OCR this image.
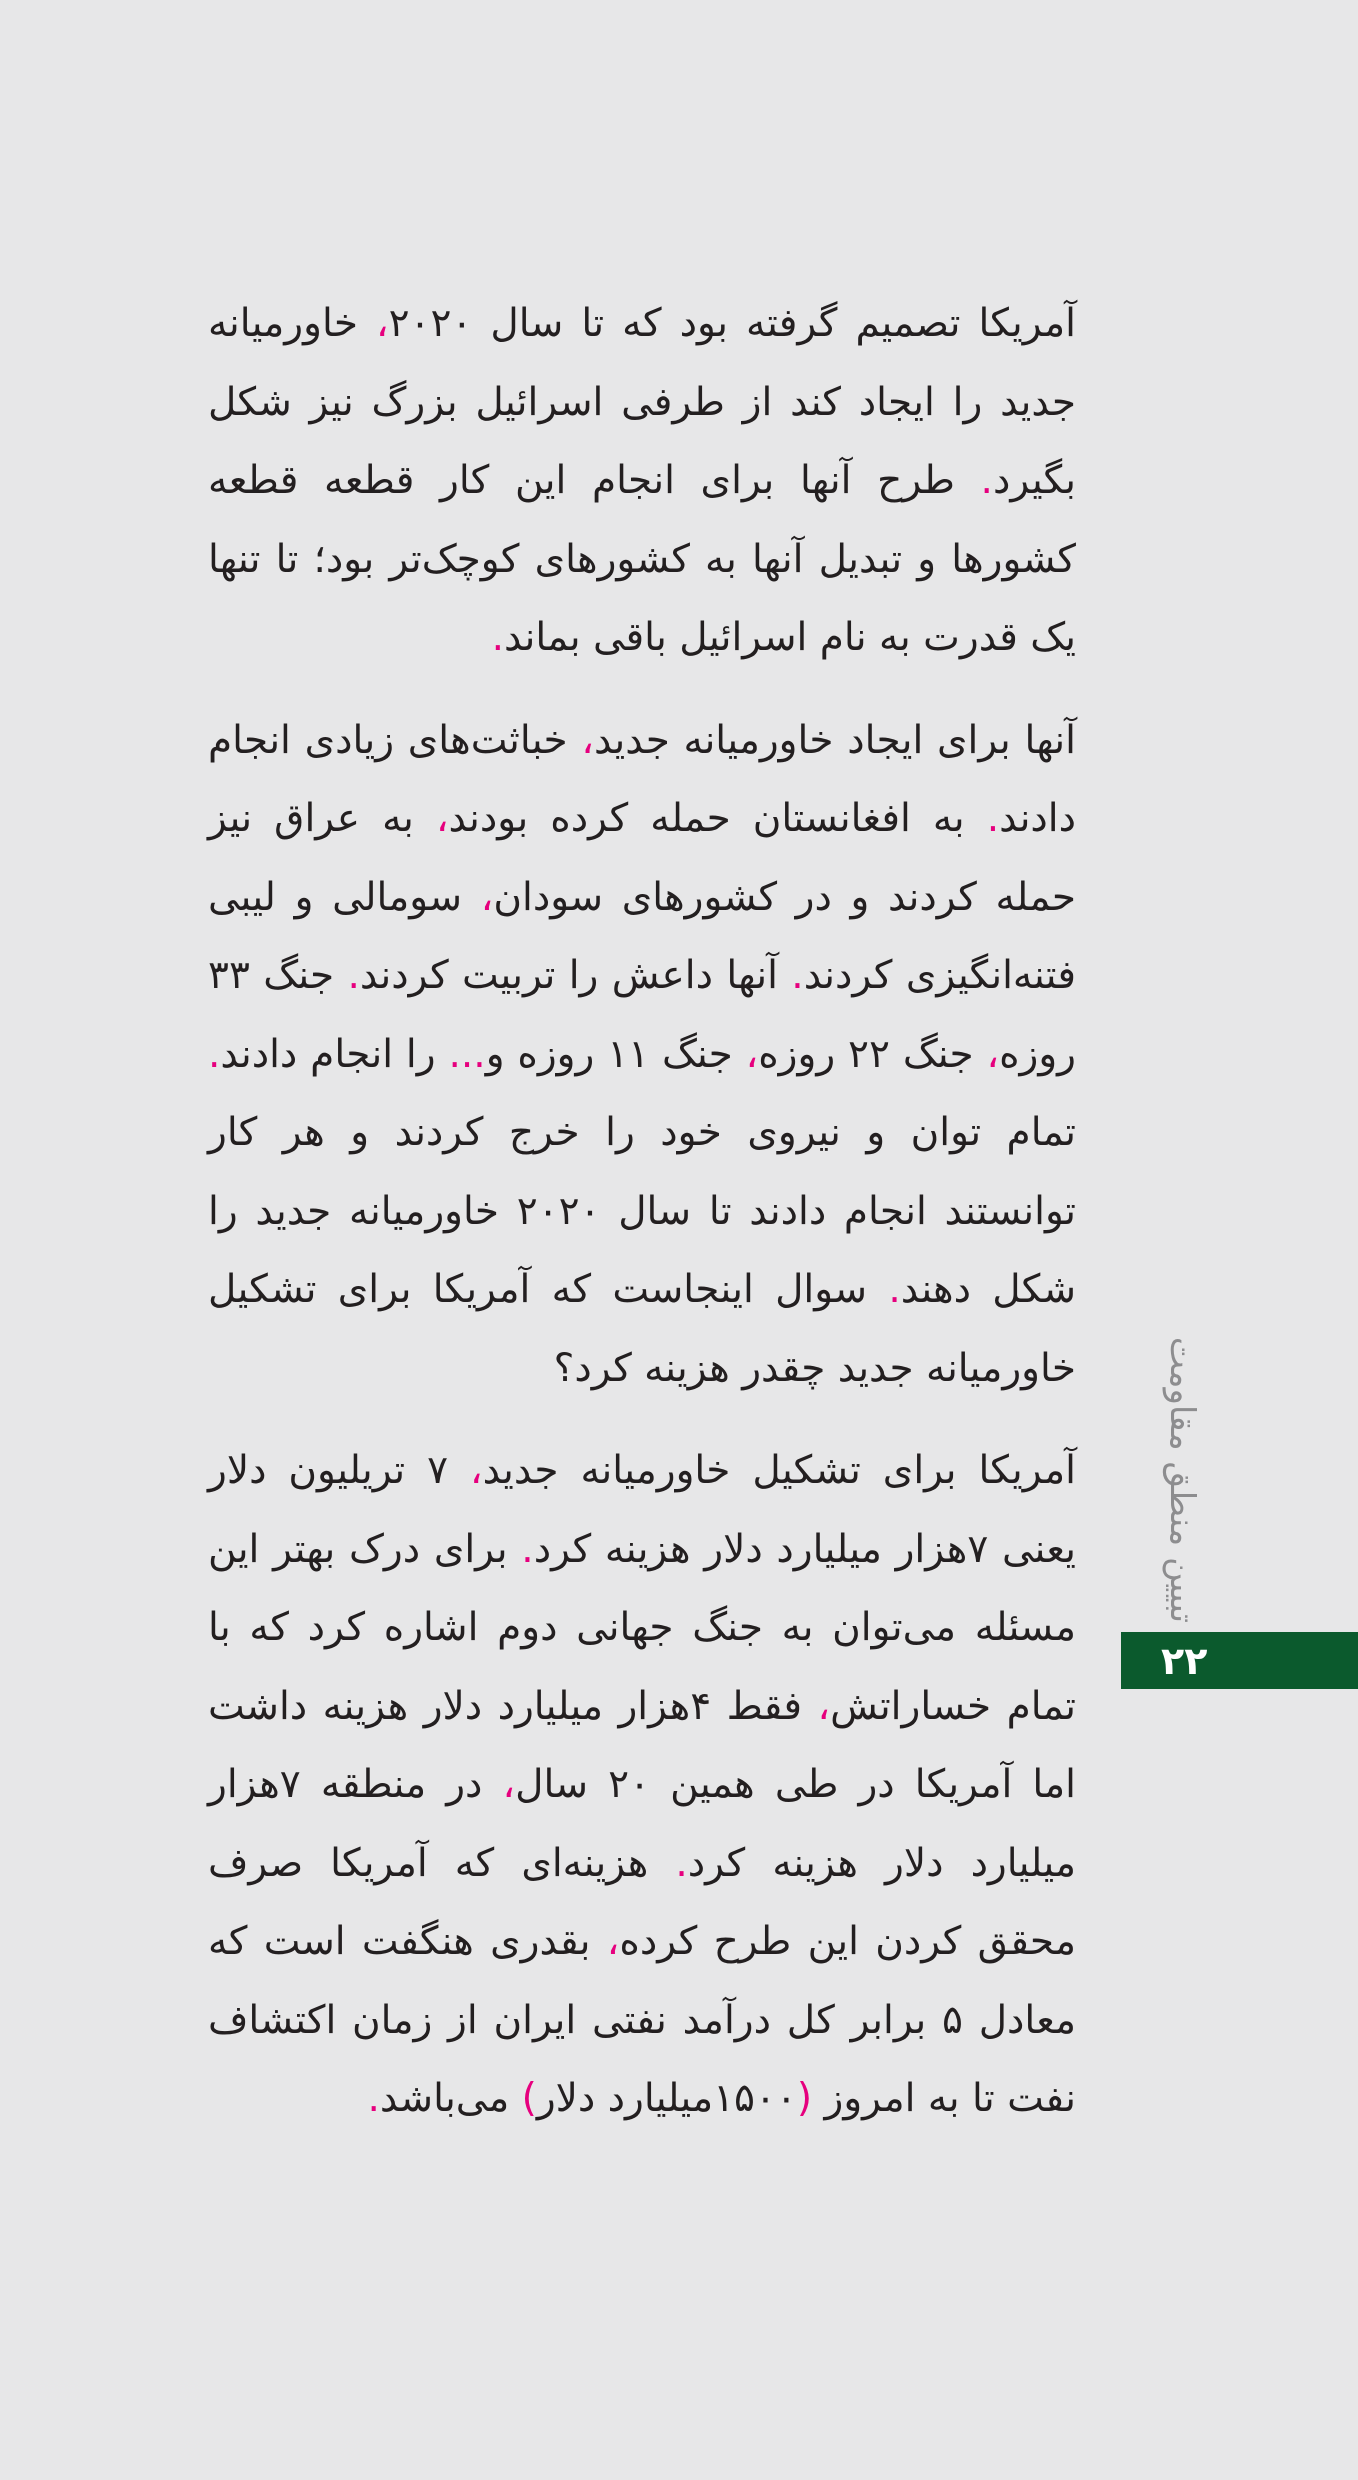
آمریکا تصمیم گرفته بود که تا سال ۲۰۲۰، خاورمیانه جدید را ایجاد کند از طرفی اسرائیل بزرگ نیز شکل بگیرد. طرح آنها برای انجام این کار قطعه قطعه کشورها و تبدیل آنها به کشورهای کوچک‌تر بود؛ تا تنها یک قدرت به نام اسرائیل باقی بماند.

آنها برای ایجاد خاورمیانه جدید، خباثت‌های زیادی انجام دادند. به افغانستان حمله کرده بودند، به عراق نیز حمله کردند و در کشورهای سودان، سومالی و لیبی فتنه‌انگیزی کردند. آنها داعش را تربیت کردند. جنگ ۳۳ روزه، جنگ ۲۲ روزه، جنگ ۱۱ روزه و... را انجام دادند. تمام توان و نیروی خود را خرج کردند و هر کار توانستند انجام دادند تا سال ۲۰۲۰ خاورمیانه جدید را شکل دهند. سوال اینجاست که آمریکا برای تشکیل خاورمیانه جدید چقدر هزینه کرد؟

آمریکا برای تشکیل خاورمیانه جدید، ۷ تریلیون دلار یعنی ۷هزار میلیارد دلار هزینه کرد. برای درک بهتر این مسئله می‌توان به جنگ جهانی دوم اشاره کرد که با تمام خساراتش، فقط ۴هزار میلیارد دلار هزینه داشت اما آمریکا در طی همین ۲۰ سال، در منطقه ۷هزار میلیارد دلار هزینه کرد. هزینه‌ای که آمریکا صرف محقق کردن این طرح کرده، بقدری هنگفت است که معادل ۵ برابر کل درآمد نفتی ایران از زمان اکتشاف نفت تا به امروز (۱۵۰۰میلیارد دلار) می‌باشد.

تبیین منطق مقاومت
۲۲
